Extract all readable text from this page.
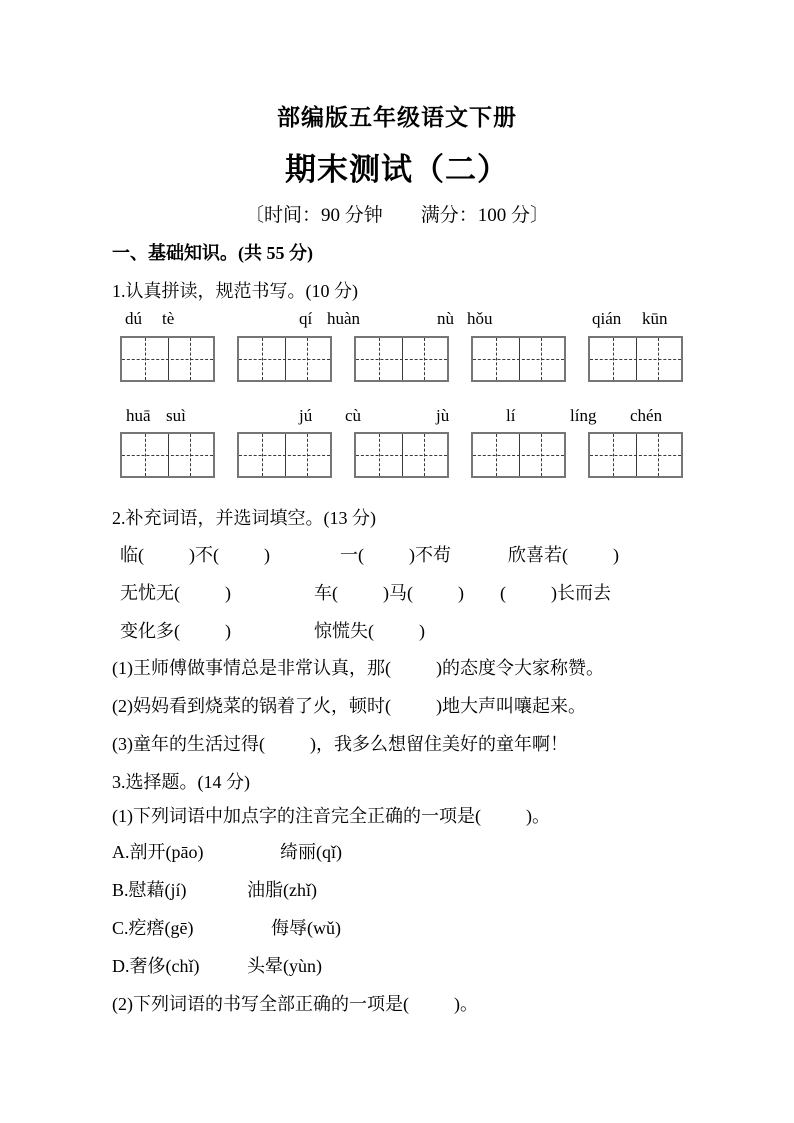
部编版五年级语文下册
期末测试（二）
〔时间：90 分钟        满分：100 分〕
一、基础知识。(共 55 分)
1.认真拼读，规范书写。(10 分)
dú tè	qí huàn	nù hǒu	qián kūn
huā suì	jú cù	jù	lí	líng chén
2.补充词语，并选词填空。(13 分)
临(          )不(          )	一(          )不苟	欣喜若(          )
无忧无(          )	车(          )马(          ) (          )长而去
变化多(          )	惊慌失(          )
(1)王师傅做事情总是非常认真，那(          )的态度令大家称赞。
(2)妈妈看到烧菜的锅着了火，顿时(          )地大声叫嚷起来。
(3)童年的生活过得(          )，我多么想留住美好的童年啊！
3.选择题。(14 分)
(1)下列词语中加点字的注音完全正确的一项是(          )。
A.剖开(pāo)	绮丽(qǐ)
B.慰藉(jí)	油脂(zhǐ)
C.疙瘩(gē)	侮辱(wǔ)
D.奢侈(chǐ)	头晕(yùn)
(2)下列词语的书写全部正确的一项是(          )。
